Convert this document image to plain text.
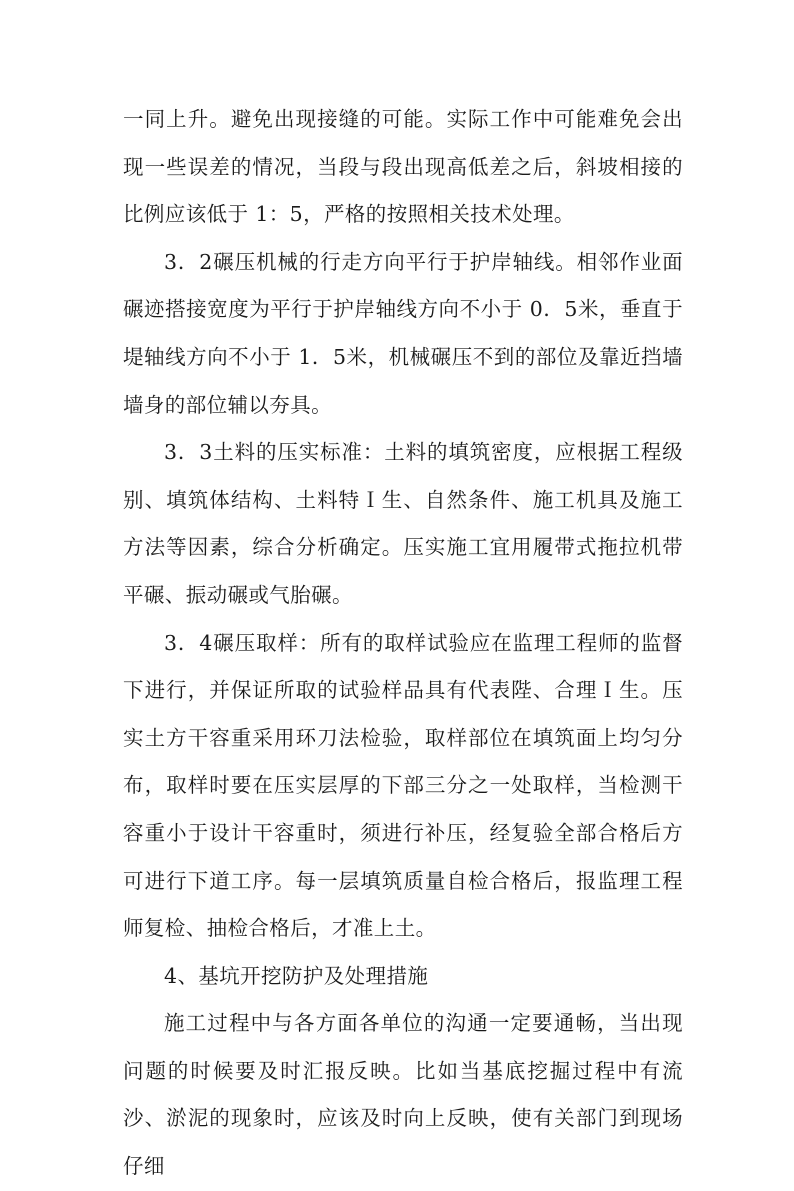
一同上升。避免出现接缝的可能。实际工作中可能难免会出现一些误差的情况，当段与段出现高低差之后，斜坡相接的比例应该低于 1：5，严格的按照相关技术处理。

3．2碾压机械的行走方向平行于护岸轴线。相邻作业面碾迹搭接宽度为平行于护岸轴线方向不小于 0．5米，垂直于堤轴线方向不小于 1．5米，机械碾压不到的部位及靠近挡墙墙身的部位辅以夯具。

3．3土料的压实标准：土料的填筑密度，应根据工程级别、填筑体结构、土料特Ｉ生、自然条件、施工机具及施工方法等因素，综合分析确定。压实施工宜用履带式拖拉机带平碾、振动碾或气胎碾。

3．4碾压取样：所有的取样试验应在监理工程师的监督下进行，并保证所取的试验样品具有代表陛、合理Ｉ生。压实土方干容重采用环刀法检验，取样部位在填筑面上均匀分布，取样时要在压实层厚的下部三分之一处取样，当检测干容重小于设计干容重时，须进行补压，经复验全部合格后方可进行下道工序。每一层填筑质量自检合格后，报监理工程师复检、抽检合格后，才准上土。

4、基坑开挖防护及处理措施

施工过程中与各方面各单位的沟通一定要通畅，当出现问题的时候要及时汇报反映。比如当基底挖掘过程中有流沙、淤泥的现象时，应该及时向上反映，使有关部门到现场仔细
